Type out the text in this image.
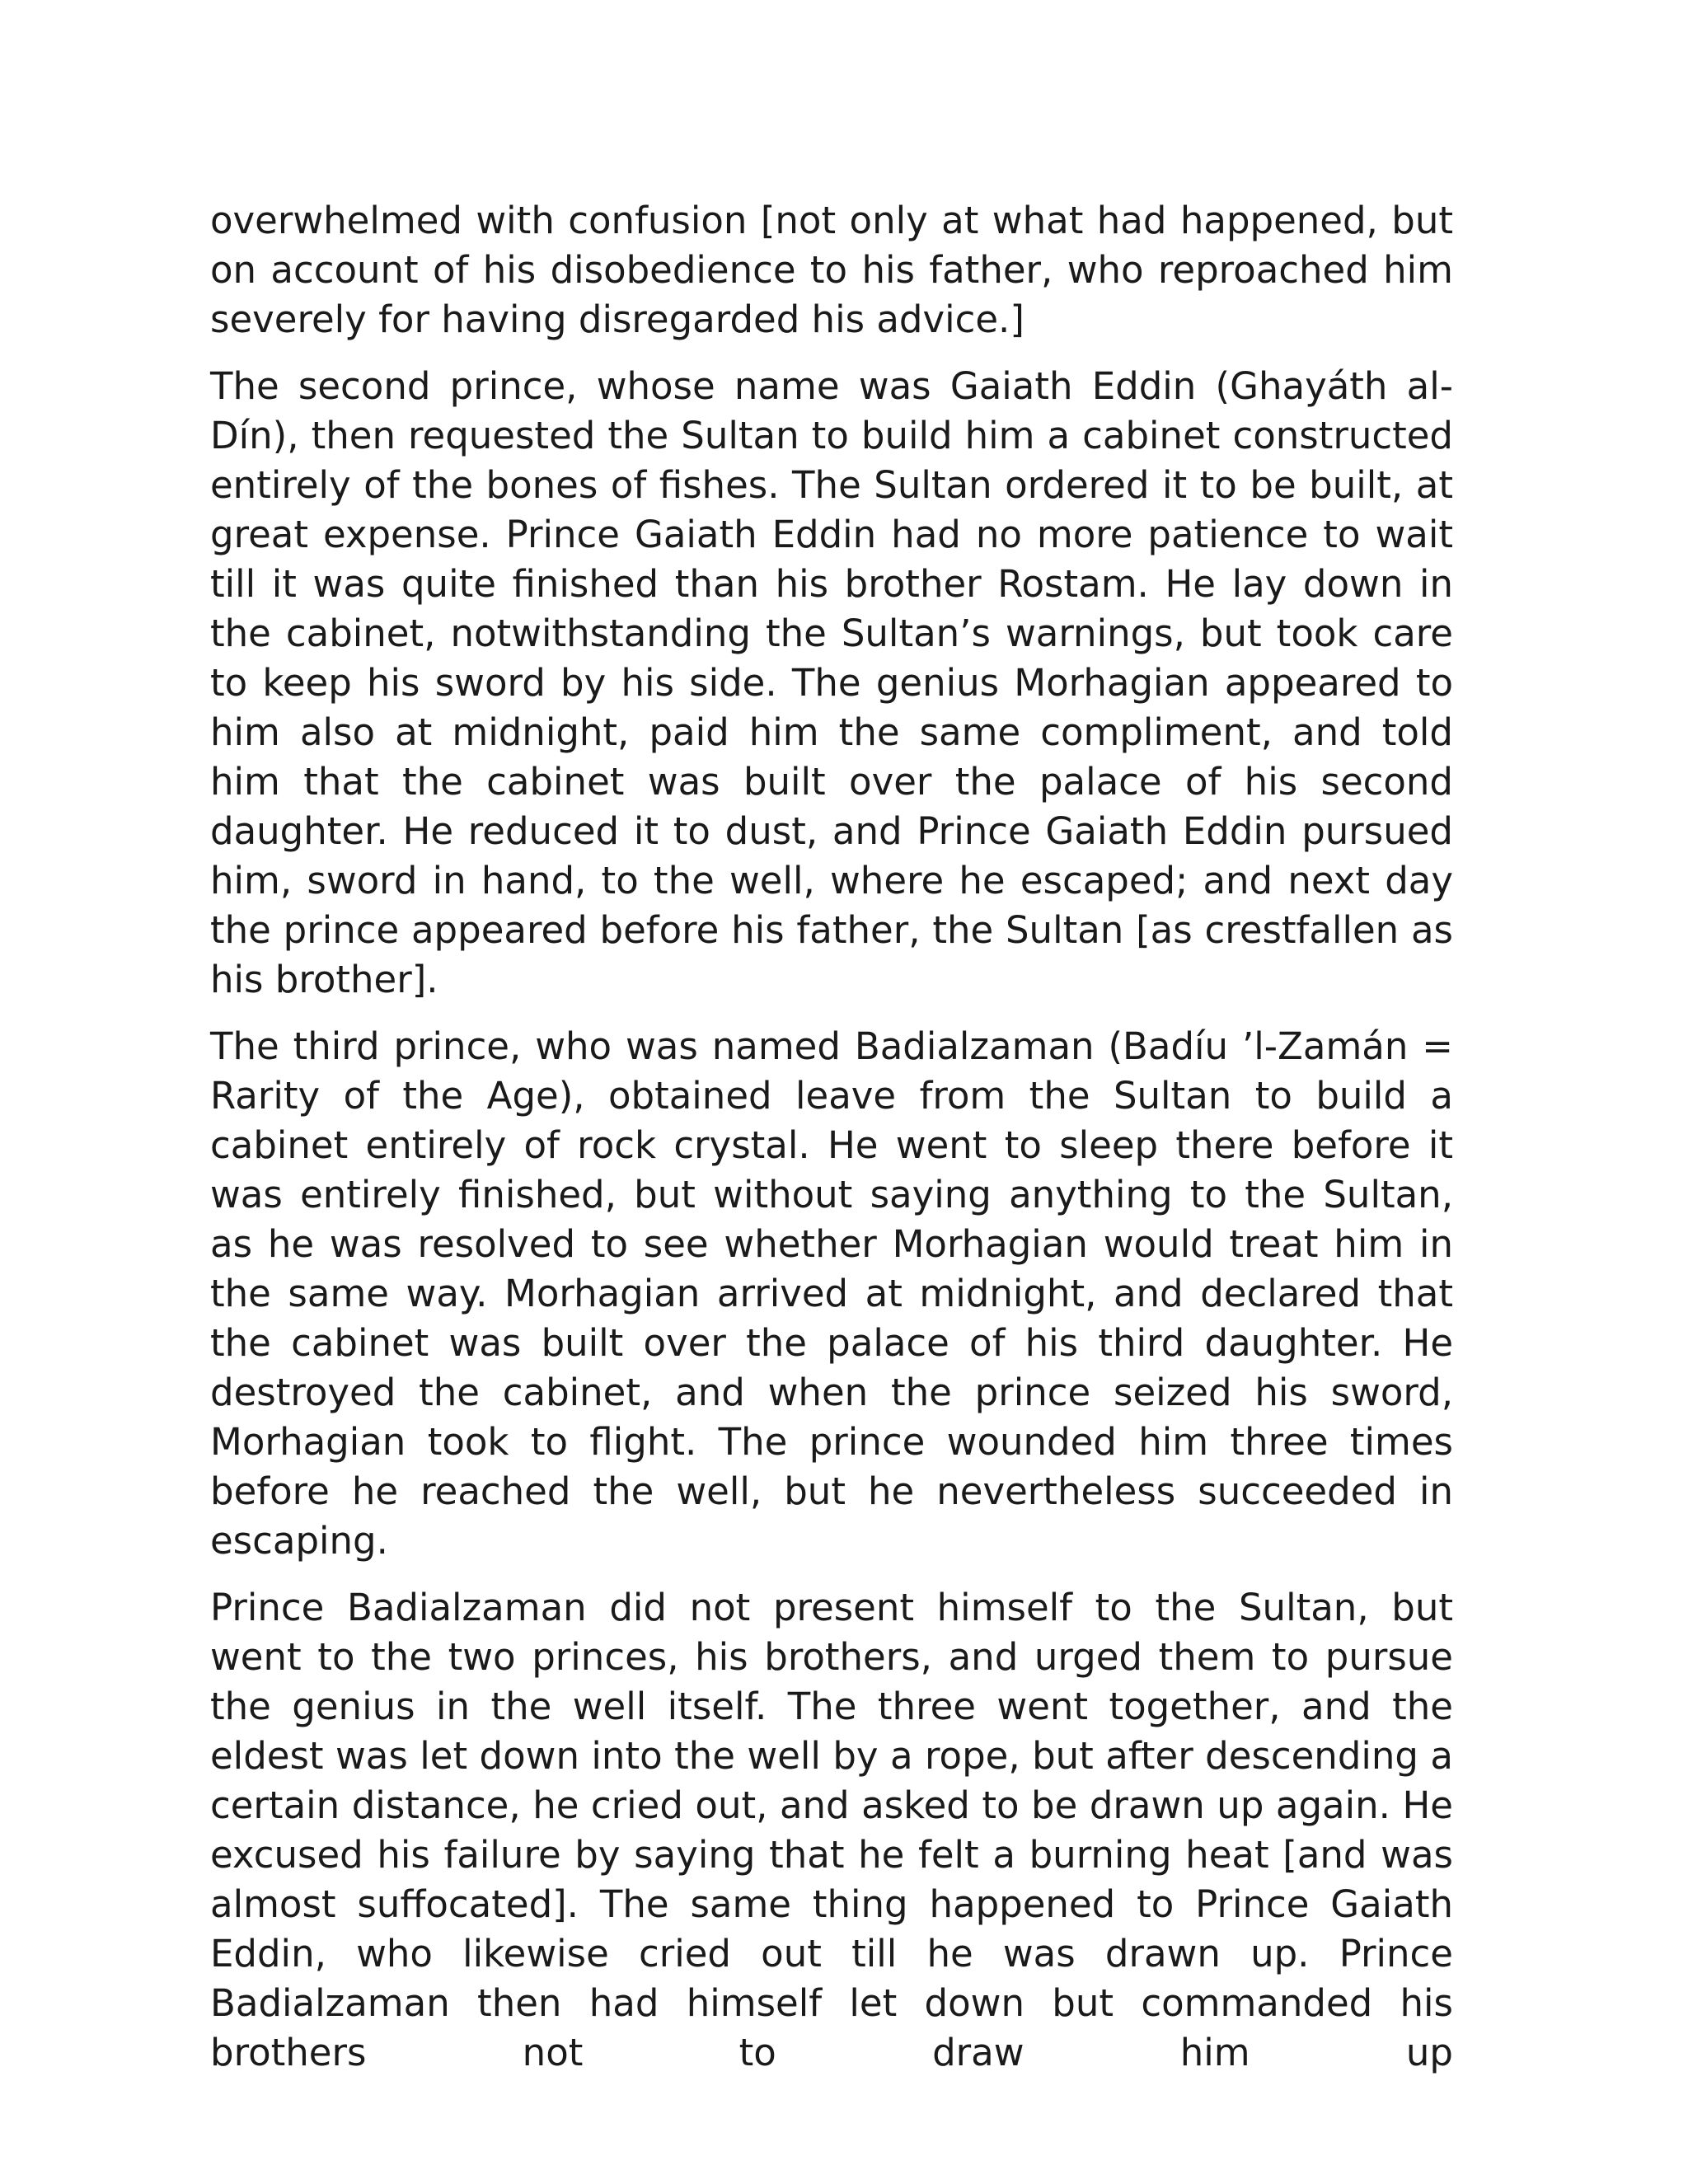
overwhelmed with confusion [not only at what had happened, but on account of his disobedience to his father, who reproached him severely for having disregarded his advice.]

The second prince, whose name was Gaiath Eddin (Ghayáth al-Dín), then requested the Sultan to build him a cabinet constructed entirely of the bones of fishes. The Sultan ordered it to be built, at great expense. Prince Gaiath Eddin had no more patience to wait till it was quite finished than his brother Rostam. He lay down in the cabinet, notwithstanding the Sultan’s warnings, but took care to keep his sword by his side. The genius Morhagian appeared to him also at midnight, paid him the same compliment, and told him that the cabinet was built over the palace of his second daughter. He reduced it to dust, and Prince Gaiath Eddin pursued him, sword in hand, to the well, where he escaped; and next day the prince appeared before his father, the Sultan [as crestfallen as his brother].

The third prince, who was named Badialzaman (Badíu ’l-Zamán = Rarity of the Age), obtained leave from the Sultan to build a cabinet entirely of rock crystal. He went to sleep there before it was entirely finished, but without saying anything to the Sultan, as he was resolved to see whether Morhagian would treat him in the same way. Morhagian arrived at midnight, and declared that the cabinet was built over the palace of his third daughter. He destroyed the cabinet, and when the prince seized his sword, Morhagian took to flight. The prince wounded him three times before he reached the well, but he nevertheless succeeded in escaping.

Prince Badialzaman did not present himself to the Sultan, but went to the two princes, his brothers, and urged them to pursue the genius in the well itself. The three went together, and the eldest was let down into the well by a rope, but after descending a certain distance, he cried out, and asked to be drawn up again. He excused his failure by saying that he felt a burning heat [and was almost suffocated]. The same thing happened to Prince Gaiath Eddin, who likewise cried out till he was drawn up. Prince Badialzaman then had himself let down but commanded his brothers not to draw him up
